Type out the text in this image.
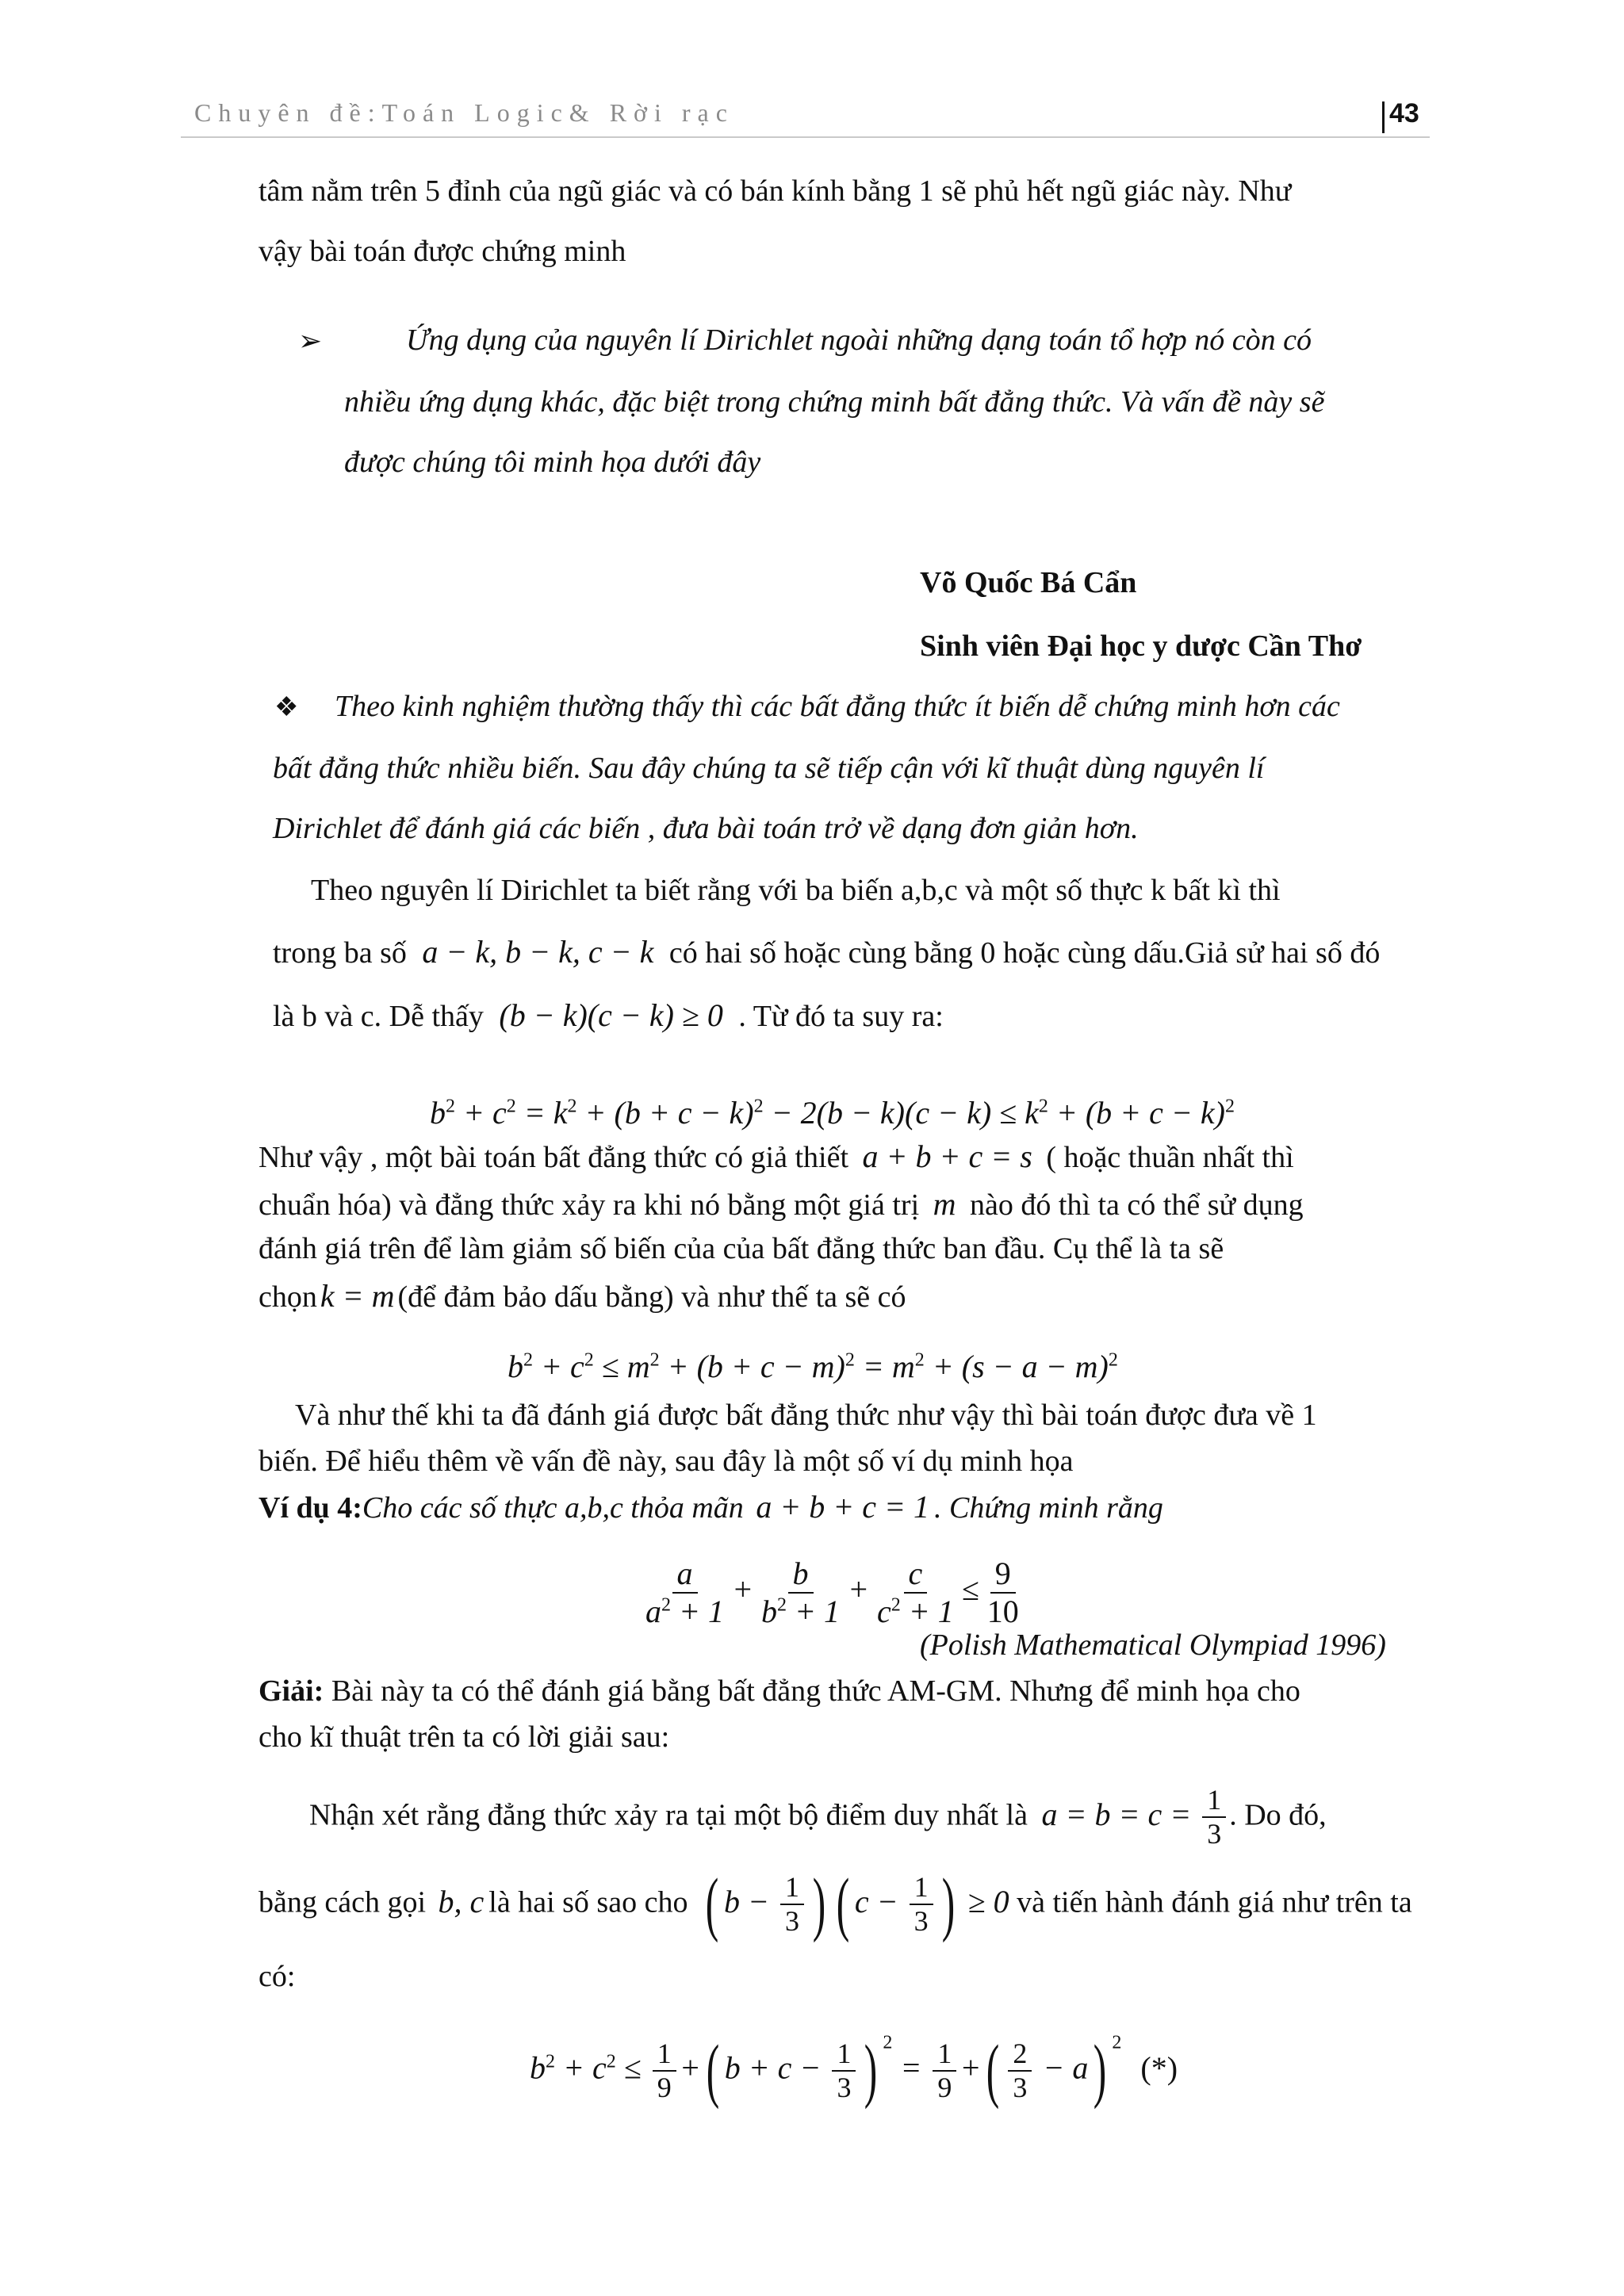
Chuyên đề:Toán Logic& Rời rạc	43
tâm nằm trên 5 đỉnh của ngũ giác và có bán kính bằng 1 sẽ phủ hết ngũ giác này. Như
vậy bài toán được chứng minh
➢	Ứng dụng của nguyên lí Dirichlet ngoài những dạng toán tổ hợp nó còn có
nhiều ứng dụng khác, đặc biệt trong chứng minh bất đẳng thức. Và vấn đề này sẽ
được chúng tôi minh họa dưới đây
Võ Quốc Bá Cẩn
Sinh viên Đại học y dược Cần Thơ
❖ Theo kinh nghiệm thường thấy thì các bất đẳng thức ít biến dễ chứng minh hơn các
bất đẳng thức nhiều biến. Sau đây chúng ta sẽ tiếp cận với kĩ thuật dùng nguyên lí
Dirichlet để đánh giá các biến , đưa bài toán trở về dạng đơn giản hơn.
Theo nguyên lí Dirichlet ta biết rằng với ba biến a,b,c và một số thực k bất kì thì
trong ba số a − k, b − k, c − k có hai số hoặc cùng bằng 0 hoặc cùng dấu.Giả sử hai số đó
là b và c. Dễ thấy (b − k)(c − k) ≥ 0 . Từ đó ta suy ra:
$b^2 + c^2 = k^2 + (b + c - k)^2 - 2(b - k)(c - k) \le k^2 + (b + c - k)^2$
Như vậy , một bài toán bất đẳng thức có giả thiết a + b + c = s ( hoặc thuần nhất thì
chuẩn hóa) và đẳng thức xảy ra khi nó bằng một giá trị m nào đó thì ta có thể sử dụng
đánh giá trên để làm giảm số biến của của bất đẳng thức ban đầu. Cụ thể là ta sẽ
chọn k = m (để đảm bảo dấu bằng) và như thế ta sẽ có
$b^2 + c^2 \le m^2 + (b + c - m)^2 = m^2 + (s - a - m)^2$
Và như thế khi ta đã đánh giá được bất đẳng thức như vậy thì bài toán được đưa về 1
biến. Để hiểu thêm về vấn đề này, sau đây là một số ví dụ minh họa
Ví dụ 4:Cho các số thực a,b,c thỏa mãn a + b + c = 1 . Chứng minh rằng
$\frac{a}{a^2 + 1} + \frac{b}{b^2 + 1} + \frac{c}{c^2 + 1} \le \frac{9}{10}$
(Polish Mathematical Olympiad 1996)
Giải: Bài này ta có thể đánh giá bằng bất đẳng thức AM-GM. Nhưng để minh họa cho
cho kĩ thuật trên ta có lời giải sau:
Nhận xét rằng đẳng thức xảy ra tại một bộ điểm duy nhất là $a = b = c = \frac{1}{3}$ . Do đó,
bằng cách gọi b, c là hai số sao cho ( $b - \frac{1}{3}$ ) ( $c - \frac{1}{3}$ ) ≥ 0 và tiến hành đánh giá như trên ta
có:
$b^2 + c^2 \le \frac{1}{9}$ +( $b + c - \frac{1}{3}$ ) $^2 = \frac{1}{9}$ +( $\frac{2}{3} - a$) $^2$ (*)
